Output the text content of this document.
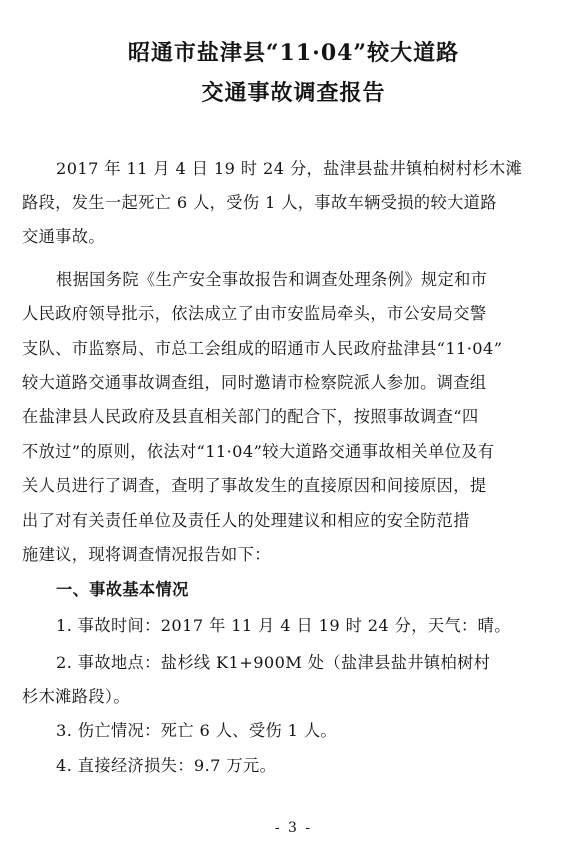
昭通市盐津县“11·04”较大道路
交通事故调查报告
2017 年 11 月 4 日 19 时 24 分，盐津县盐井镇柏树村杉木滩
路段，发生一起死亡 6 人，受伤 1 人，事故车辆受损的较大道路
交通事故。
根据国务院《生产安全事故报告和调查处理条例》规定和市
人民政府领导批示，依法成立了由市安监局牵头，市公安局交警
支队、市监察局、市总工会组成的昭通市人民政府盐津县“11·04”
较大道路交通事故调查组，同时邀请市检察院派人参加。调查组
在盐津县人民政府及县直相关部门的配合下，按照事故调查“四
不放过”的原则，依法对“11·04”较大道路交通事故相关单位及有
关人员进行了调查，查明了事故发生的直接原因和间接原因，提
出了对有关责任单位及责任人的处理建议和相应的安全防范措
施建议，现将调查情况报告如下：
一、事故基本情况
1. 事故时间：2017 年 11 月 4 日 19 时 24 分，天气：晴。
2. 事故地点：盐杉线 K1+900M 处（盐津县盐井镇柏树村
杉木滩路段）。
3. 伤亡情况：死亡 6 人、受伤 1 人。
4. 直接经济损失：9.7 万元。
- 3 -
